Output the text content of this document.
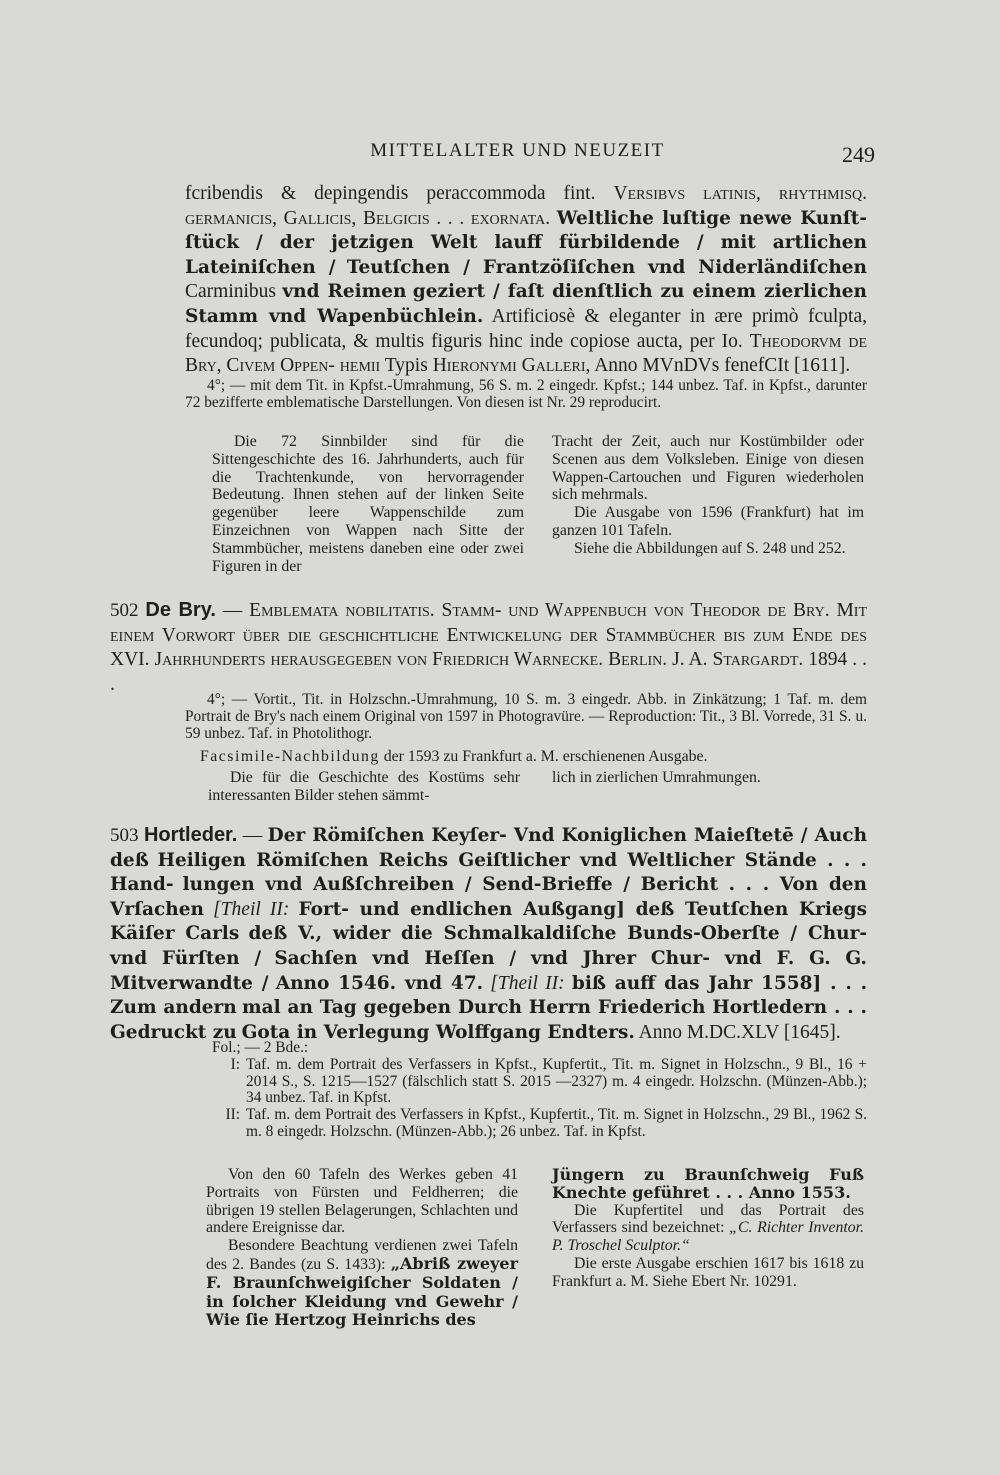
MITTELALTER UND NEUZEIT	249
fcribendis & depingendis peraccommoda fint. Versibvs latinis, rhythmisq. germanicis, Gallicis, Belgicis . . . exornata. Weltliche luſtige newe Kunſt- ſtück / der jetzigen Welt lauff fürbildende / mit artlichen Lateiniſchen / Teutſchen / Frantzöſiſchen vnd Niderländiſchen Carminibus vnd Reimen geziert / faſt dienſtlich zu einem zierlichen Stamm vnd Wapenbüchlein. Artificiosè & eleganter in ære primò fculpta, fecundoq; publicata, & multis figuris hinc inde copiose aucta, per Io. Theodorvm de Bry, Civem Oppen- hemii Typis Hieronymi Galleri, Anno MVnDVs fenefCIt [1611].

4°; — mit dem Tit. in Kpfst.-Umrahmung, 56 S. m. 2 eingedr. Kpfst.; 144 unbez. Taf. in Kpfst., darunter 72 bezifferte emblematische Darstellungen. Von diesen ist Nr. 29 reproducirt.

Die 72 Sinnbilder sind für die Sittengeschichte des 16. Jahrhunderts, auch für die Trachtenkunde, von hervorragender Bedeutung. Ihnen stehen auf der linken Seite gegenüber leere Wappenschilde zum Einzeichnen von Wappen nach Sitte der Stammbücher, meistens daneben eine oder zwei Figuren in der

Tracht der Zeit, auch nur Kostümbilder oder Scenen aus dem Volksleben. Einige von diesen Wappen-Cartouchen und Figuren wiederholen sich mehrmals.

Die Ausgabe von 1596 (Frankfurt) hat im ganzen 101 Tafeln.

Siehe die Abbildungen auf S. 248 und 252.

502 De Bry. — Emblemata nobilitatis. Stamm- und Wappenbuch von Theodor de Bry. Mit einem Vorwort über die geschichtliche Entwickelung der Stammbücher bis zum Ende des XVI. Jahrhunderts herausgegeben von Friedrich Warnecke. Berlin. J. A. Stargardt. 1894 . . .

4°; — Vortit., Tit. in Holzschn.-Umrahmung, 10 S. m. 3 eingedr. Abb. in Zinkätzung; 1 Taf. m. dem Portrait de Bry's nach einem Original von 1597 in Photogravüre. — Reproduction: Tit., 3 Bl. Vorrede, 31 S. u. 59 unbez. Taf. in Photolithogr.

Facsimile-Nachbildung der 1593 zu Frankfurt a. M. erschienenen Ausgabe.

Die für die Geschichte des Kostüms sehr interessanten Bilder stehen sämmt-

lich in zierlichen Umrahmungen.

503 Hortleder. — Der Römiſchen Keyſer- Vnd Koniglichen Maieſtetē / Auch deß Heiligen Römiſchen Reichs Geiſtlicher vnd Weltlicher Stände . . . Hand- lungen vnd Außſchreiben / Send-Brieffe / Bericht . . . Von den Vrſachen [Theil II: Fort- und endlichen Außgang] deß Teutſchen Kriegs Käiſer Carls deß V., wider die Schmalkaldiſche Bunds-Oberſte / Chur- vnd Fürſten / Sachſen vnd Heſſen / vnd Jhrer Chur- vnd F. G. G. Mitverwandte / Anno 1546. vnd 47. [Theil II: biß auff das Jahr 1558] . . . Zum andern mal an Tag gegeben Durch Herrn Friederich Hortledern . . . Gedruckt zu Gota in Verlegung Wolffgang Endters. Anno M.DC.XLV [1645].

Fol.; — 2 Bde.:

I: Taf. m. dem Portrait des Verfassers in Kpfst., Kupfertit., Tit. m. Signet in Holzschn., 9 Bl., 16 + 2014 S., S. 1215—1527 (fälschlich statt S. 2015 —2327) m. 4 eingedr. Holzschn. (Münzen-Abb.); 34 unbez. Taf. in Kpfst.
II: Taf. m. dem Portrait des Verfassers in Kpfst., Kupfertit., Tit. m. Signet in Holzschn., 29 Bl., 1962 S. m. 8 eingedr. Holzschn. (Münzen-Abb.); 26 unbez. Taf. in Kpfst.

Von den 60 Tafeln des Werkes geben 41 Portraits von Fürsten und Feldherren; die übrigen 19 stellen Belagerungen, Schlachten und andere Ereignisse dar.

Besondere Beachtung verdienen zwei Tafeln des 2. Bandes (zu S. 1433): „Abriß zweyer F. Braunſchweigiſcher Soldaten / in ſolcher Kleidung vnd Gewehr / Wie ſie Hertzog Heinrichs des

Jüngern zu Braunſchweig Fuß Knechte geführet . . . Anno 1553.

Die Kupfertitel und das Portrait des Verfassers sind bezeichnet: „C. Richter Inventor. P. Troschel Sculptor.“

Die erste Ausgabe erschien 1617 bis 1618 zu Frankfurt a. M. Siehe Ebert Nr. 10291.
